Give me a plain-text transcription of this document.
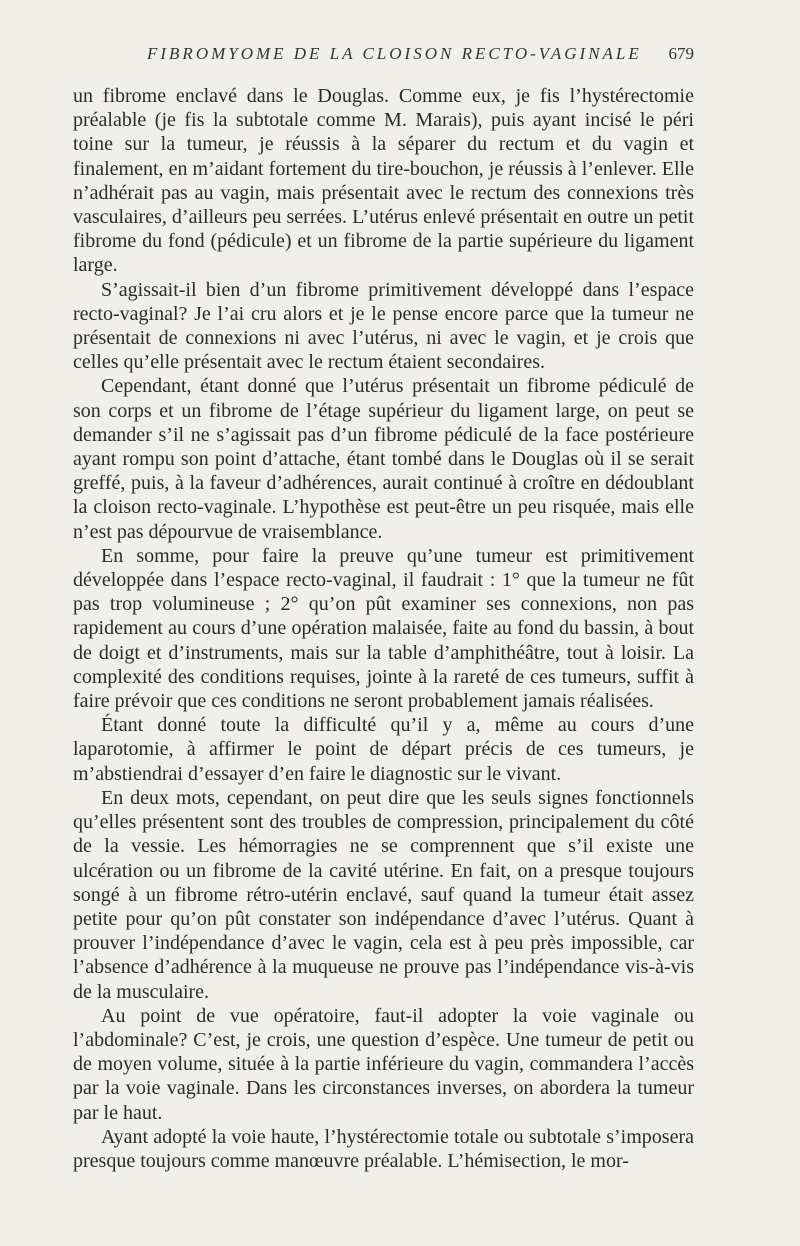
FIBROMYOME DE LA CLOISON RECTO-VAGINALE 679

un fibrome enclavé dans le Douglas. Comme eux, je fis l’hystérectomie préalable (je fis la subtotale comme M. Marais), puis ayant incisé le péri toine sur la tumeur, je réussis à la séparer du rectum et du vagin et finalement, en m’aidant fortement du tire-bouchon, je réussis à l’enlever. Elle n’adhérait pas au vagin, mais présentait avec le rectum des connexions très vasculaires, d’ailleurs peu serrées. L’utérus enlevé présentait en outre un petit fibrome du fond (pédicule) et un fibrome de la partie supérieure du ligament large.

S’agissait-il bien d’un fibrome primitivement développé dans l’espace recto-vaginal? Je l’ai cru alors et je le pense encore parce que la tumeur ne présentait de connexions ni avec l’utérus, ni avec le vagin, et je crois que celles qu’elle présentait avec le rectum étaient secondaires.

Cependant, étant donné que l’utérus présentait un fibrome pédiculé de son corps et un fibrome de l’étage supérieur du ligament large, on peut se demander s’il ne s’agissait pas d’un fibrome pédiculé de la face postérieure ayant rompu son point d’attache, étant tombé dans le Douglas où il se serait greffé, puis, à la faveur d’adhérences, aurait continué à croître en dédoublant la cloison recto-vaginale. L’hypothèse est peut-être un peu risquée, mais elle n’est pas dépourvue de vraisemblance.

En somme, pour faire la preuve qu’une tumeur est primitivement développée dans l’espace recto-vaginal, il faudrait : 1° que la tumeur ne fût pas trop volumineuse ; 2° qu’on pût examiner ses connexions, non pas rapidement au cours d’une opération malaisée, faite au fond du bassin, à bout de doigt et d’instruments, mais sur la table d’amphithéâtre, tout à loisir. La complexité des conditions requises, jointe à la rareté de ces tumeurs, suffit à faire prévoir que ces conditions ne seront probablement jamais réalisées.

Étant donné toute la difficulté qu’il y a, même au cours d’une laparotomie, à affirmer le point de départ précis de ces tumeurs, je m’abstiendrai d’essayer d’en faire le diagnostic sur le vivant.

En deux mots, cependant, on peut dire que les seuls signes fonctionnels qu’elles présentent sont des troubles de compression, principalement du côté de la vessie. Les hémorragies ne se comprennent que s’il existe une ulcération ou un fibrome de la cavité utérine. En fait, on a presque toujours songé à un fibrome rétro-utérin enclavé, sauf quand la tumeur était assez petite pour qu’on pût constater son indépendance d’avec l’utérus. Quant à prouver l’indépendance d’avec le vagin, cela est à peu près impossible, car l’absence d’adhérence à la muqueuse ne prouve pas l’indépendance vis-à-vis de la musculaire.

Au point de vue opératoire, faut-il adopter la voie vaginale ou l’abdominale? C’est, je crois, une question d’espèce. Une tumeur de petit ou de moyen volume, située à la partie inférieure du vagin, commandera l’accès par la voie vaginale. Dans les circonstances inverses, on abordera la tumeur par le haut.

Ayant adopté la voie haute, l’hystérectomie totale ou subtotale s’imposera presque toujours comme manœuvre préalable. L’hémisection, le mor-
